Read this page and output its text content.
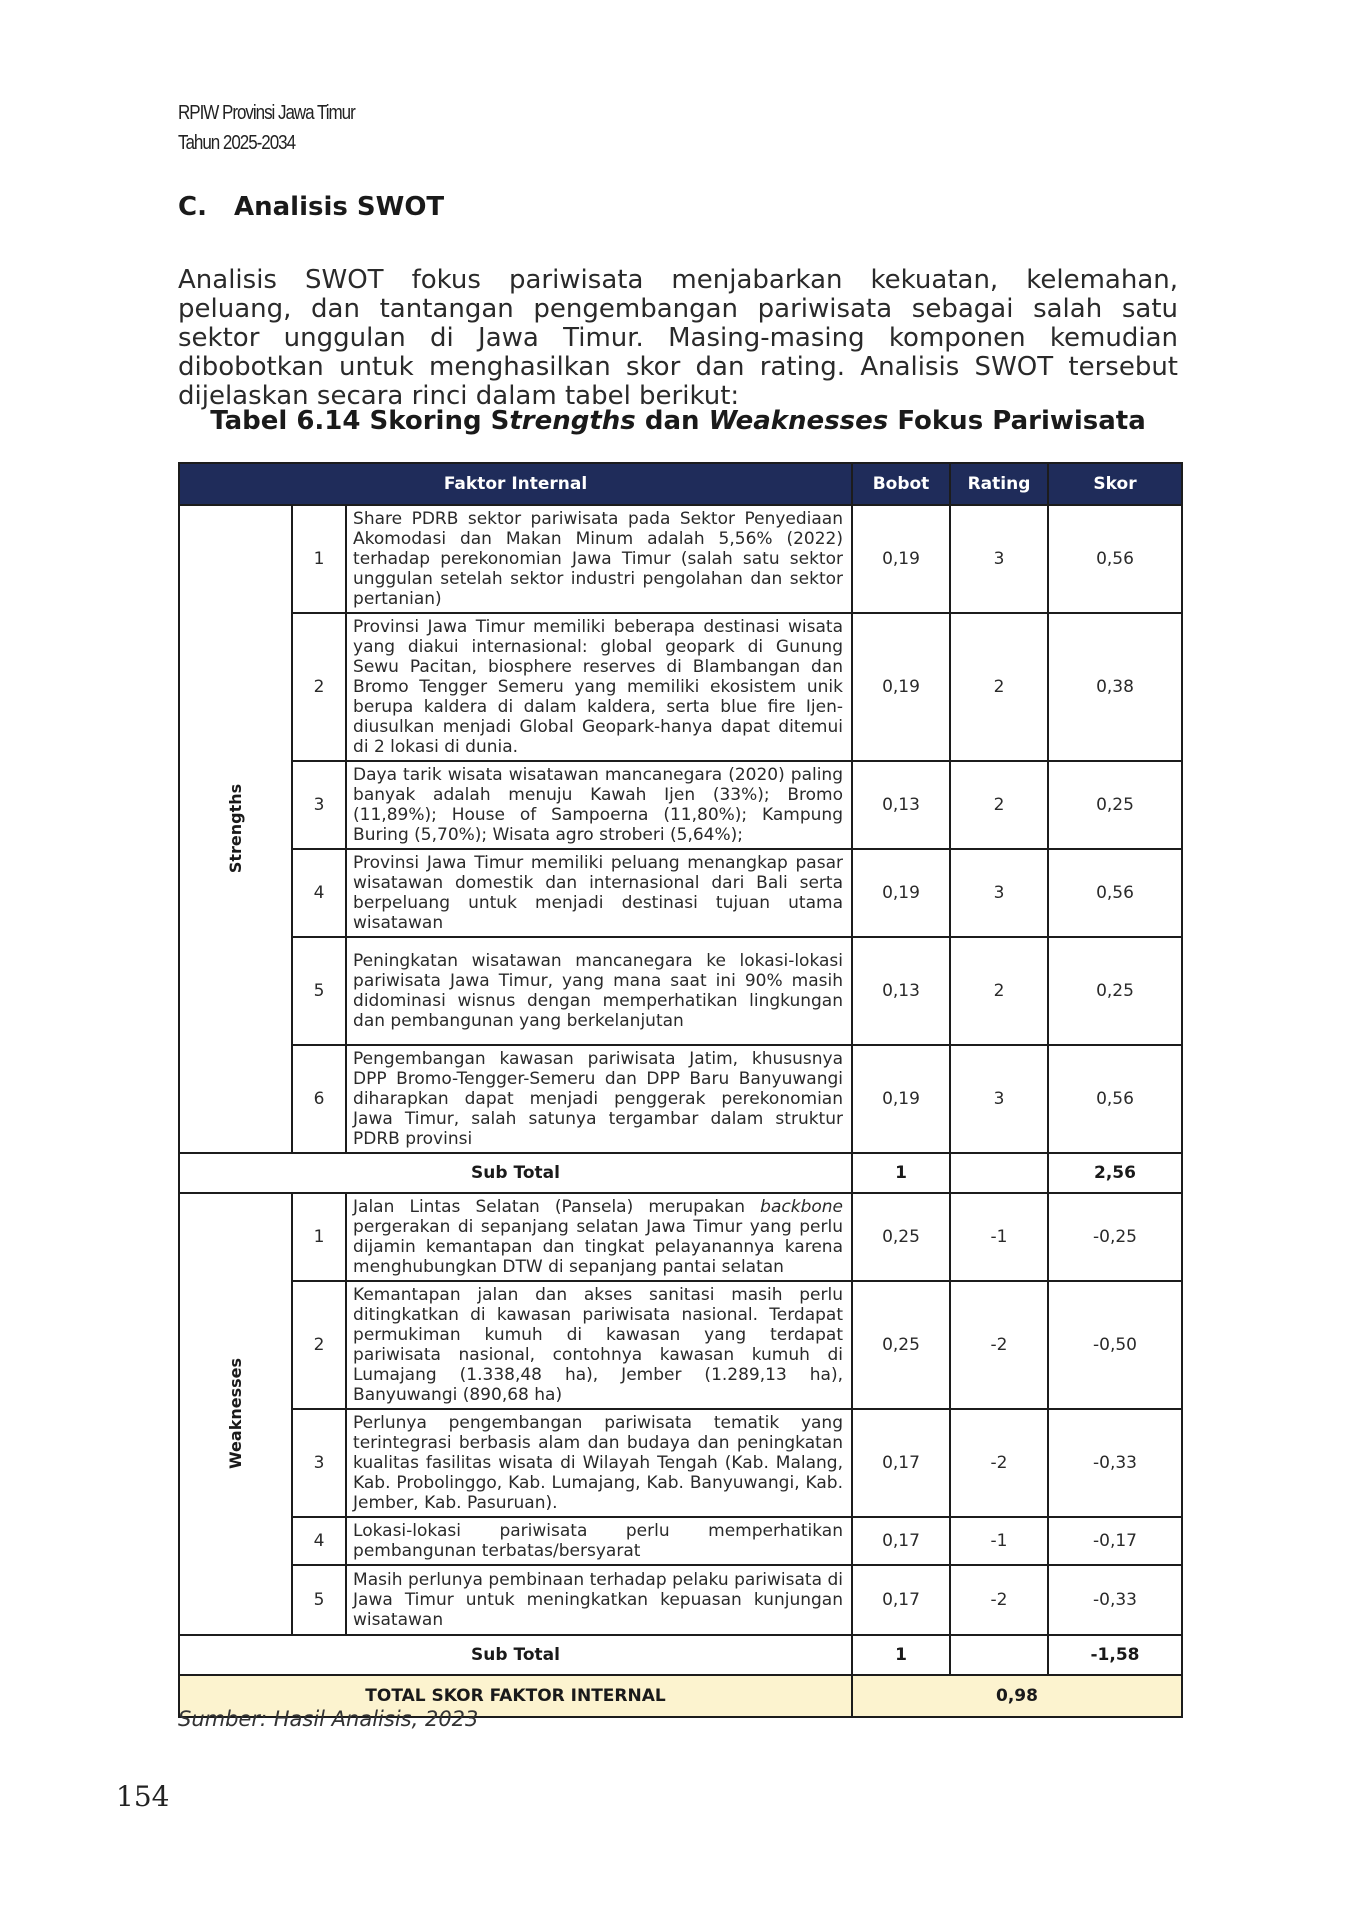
RPIW Provinsi Jawa Timur
Tahun 2025-2034
C. Analisis SWOT

Analisis SWOT fokus pariwisata menjabarkan kekuatan, kelemahan, peluang, dan tantangan pengembangan pariwisata sebagai salah satu sektor unggulan di Jawa Timur. Masing-masing komponen kemudian dibobotkan untuk menghasilkan skor dan rating. Analisis SWOT tersebut dijelaskan secara rinci dalam tabel berikut:

Tabel 6.14 Skoring Strengths dan Weaknesses Fokus Pariwisata
Faktor Internal			Bobot	Rating	Skor
Strengths	1	Share PDRB sektor pariwisata pada Sektor Penyediaan Akomodasi dan Makan Minum adalah 5,56% (2022) terhadap perekonomian Jawa Timur (salah satu sektor unggulan setelah sektor industri pengolahan dan sektor pertanian)	0,19	3	0,56
	2	Provinsi Jawa Timur memiliki beberapa destinasi wisata yang diakui internasional: global geopark di Gunung Sewu Pacitan, biosphere reserves di Blambangan dan Bromo Tengger Semeru yang memiliki ekosistem unik berupa kaldera di dalam kaldera, serta blue fire Ijen-diusulkan menjadi Global Geopark-hanya dapat ditemui di 2 lokasi di dunia.	0,19	2	0,38
	3	Daya tarik wisata wisatawan mancanegara (2020) paling banyak adalah menuju Kawah Ijen (33%); Bromo (11,89%); House of Sampoerna (11,80%); Kampung Buring (5,70%); Wisata agro stroberi (5,64%);	0,13	2	0,25
	4	Provinsi Jawa Timur memiliki peluang menangkap pasar wisatawan domestik dan internasional dari Bali serta berpeluang untuk menjadi destinasi tujuan utama wisatawan	0,19	3	0,56
	5	Peningkatan wisatawan mancanegara ke lokasi-lokasi pariwisata Jawa Timur, yang mana saat ini 90% masih didominasi wisnus dengan memperhatikan lingkungan dan pembangunan yang berkelanjutan	0,13	2	0,25
	6	Pengembangan kawasan pariwisata Jatim, khususnya DPP Bromo-Tengger-Semeru dan DPP Baru Banyuwangi diharapkan dapat menjadi penggerak perekonomian Jawa Timur, salah satunya tergambar dalam struktur PDRB provinsi	0,19	3	0,56
Sub Total			1		2,56
Weaknesses	1	Jalan Lintas Selatan (Pansela) merupakan backbone pergerakan di sepanjang selatan Jawa Timur yang perlu dijamin kemantapan dan tingkat pelayanannya karena menghubungkan DTW di sepanjang pantai selatan	0,25	-1	-0,25
	2	Kemantapan jalan dan akses sanitasi masih perlu ditingkatkan di kawasan pariwisata nasional. Terdapat permukiman kumuh di kawasan yang terdapat pariwisata nasional, contohnya kawasan kumuh di Lumajang (1.338,48 ha), Jember (1.289,13 ha), Banyuwangi (890,68 ha)	0,25	-2	-0,50
	3	Perlunya pengembangan pariwisata tematik yang terintegrasi berbasis alam dan budaya dan peningkatan kualitas fasilitas wisata di Wilayah Tengah (Kab. Malang, Kab. Probolinggo, Kab. Lumajang, Kab. Banyuwangi, Kab. Jember, Kab. Pasuruan).	0,17	-2	-0,33
	4	Lokasi-lokasi pariwisata perlu memperhatikan pembangunan terbatas/bersyarat	0,17	-1	-0,17
	5	Masih perlunya pembinaan terhadap pelaku pariwisata di Jawa Timur untuk meningkatkan kepuasan kunjungan wisatawan	0,17	-2	-0,33
Sub Total			1		-1,58
TOTAL SKOR FAKTOR INTERNAL			0,98		
Sumber: Hasil Analisis, 2023
154
